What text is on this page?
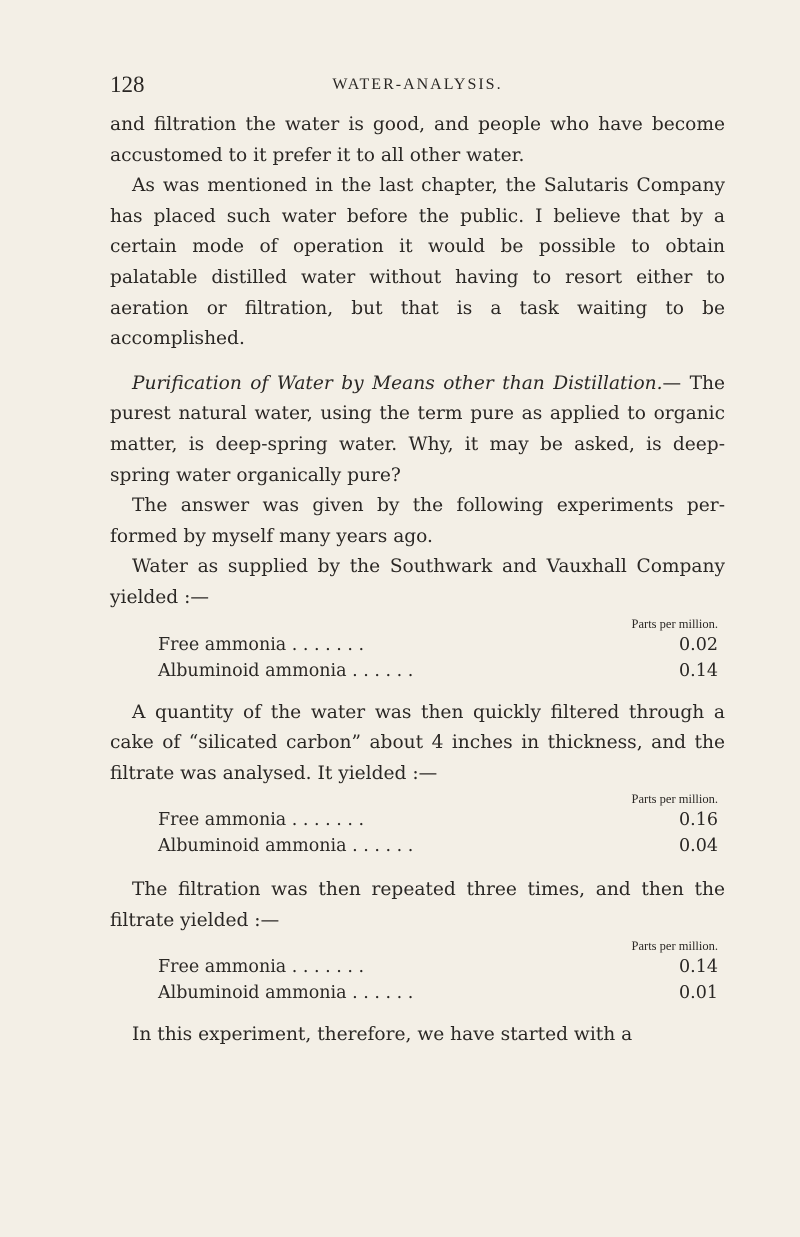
128	WATER-ANALYSIS.

and filtration the water is good, and people who have become accustomed to it prefer it to all other water.

As was mentioned in the last chapter, the Salutaris Company has placed such water before the public. I believe that by a certain mode of operation it would be possible to obtain palatable distilled water without having to resort either to aeration or filtration, but that is a task waiting to be accomplished.

Purification of Water by Means other than Distillation.— The purest natural water, using the term pure as applied to organic matter, is deep-spring water. Why, it may be asked, is deep-spring water organically pure?

The answer was given by the following experiments performed by myself many years ago.

Water as supplied by the Southwark and Vauxhall Company yielded :—

	Parts per million.
Free ammonia . . . . . . .	0.02
Albuminoid ammonia . . . . . .	0.14

A quantity of the water was then quickly filtered through a cake of “silicated carbon” about 4 inches in thickness, and the filtrate was analysed. It yielded :—

	Parts per million.
Free ammonia . . . . . . .	0.16
Albuminoid ammonia . . . . . .	0.04

The filtration was then repeated three times, and then the filtrate yielded :—

	Parts per million.
Free ammonia . . . . . . .	0.14
Albuminoid ammonia . . . . . .	0.01

In this experiment, therefore, we have started with a
